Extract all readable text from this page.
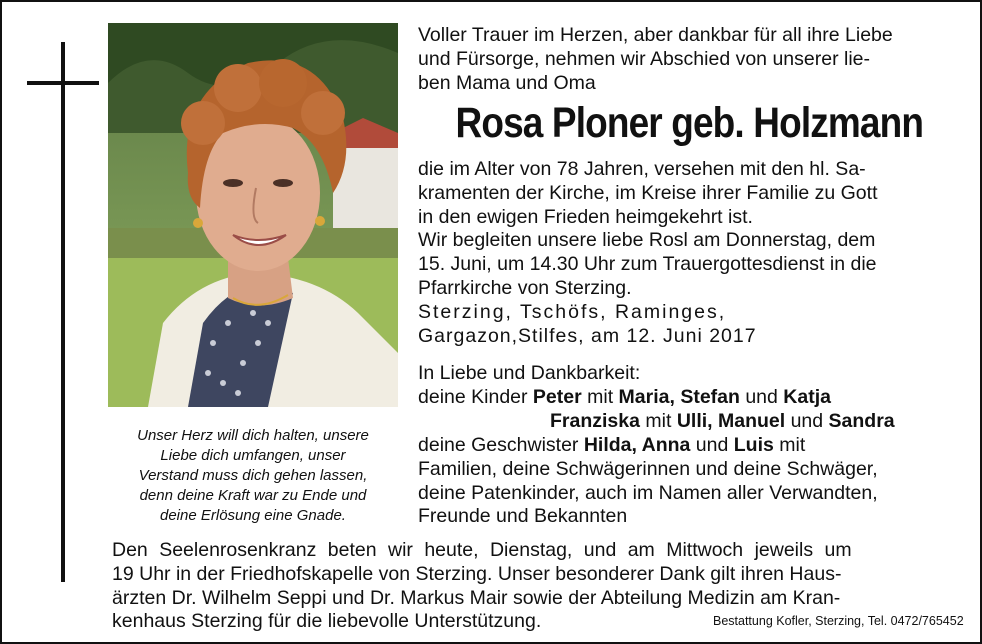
Unser Herz will dich halten, unsere
Liebe dich umfangen, unser
Verstand muss dich gehen lassen,
denn deine Kraft war zu Ende und
deine Erlösung eine Gnade.
Voller Trauer im Herzen, aber dankbar für all ihre Liebe
und Fürsorge, nehmen wir Abschied von unserer lie-
ben Mama und Oma
Rosa Ploner geb. Holzmann
die im Alter von 78 Jahren, versehen mit den hl. Sa-
kramenten der Kirche, im Kreise ihrer Familie zu Gott
in den ewigen Frieden heimgekehrt ist.
Wir begleiten unsere liebe Rosl am Donnerstag, dem
15. Juni, um 14.30 Uhr zum Trauergottesdienst in die
Pfarrkirche von Sterzing.
Sterzing, Tschöfs, Raminges,
Gargazon,Stilfes, am 12. Juni 2017
In Liebe und Dankbarkeit:
deine Kinder Peter mit Maria, Stefan und Katja
Franziska mit Ulli, Manuel und Sandra
deine Geschwister Hilda, Anna und Luis mit
Familien, deine Schwägerinnen und deine Schwäger,
deine Patenkinder, auch im Namen aller Verwandten,
Freunde und Bekannten
Den Seelenrosenkranz beten wir heute, Dienstag, und am Mittwoch jeweils um
19 Uhr in der Friedhofskapelle von Sterzing. Unser besonderer Dank gilt ihren Haus-
ärzten Dr. Wilhelm Seppi und Dr. Markus Mair sowie der Abteilung Medizin am Kran-
kenhaus Sterzing für die liebevolle Unterstützung.	Bestattung Kofler, Sterzing, Tel. 0472/765452
